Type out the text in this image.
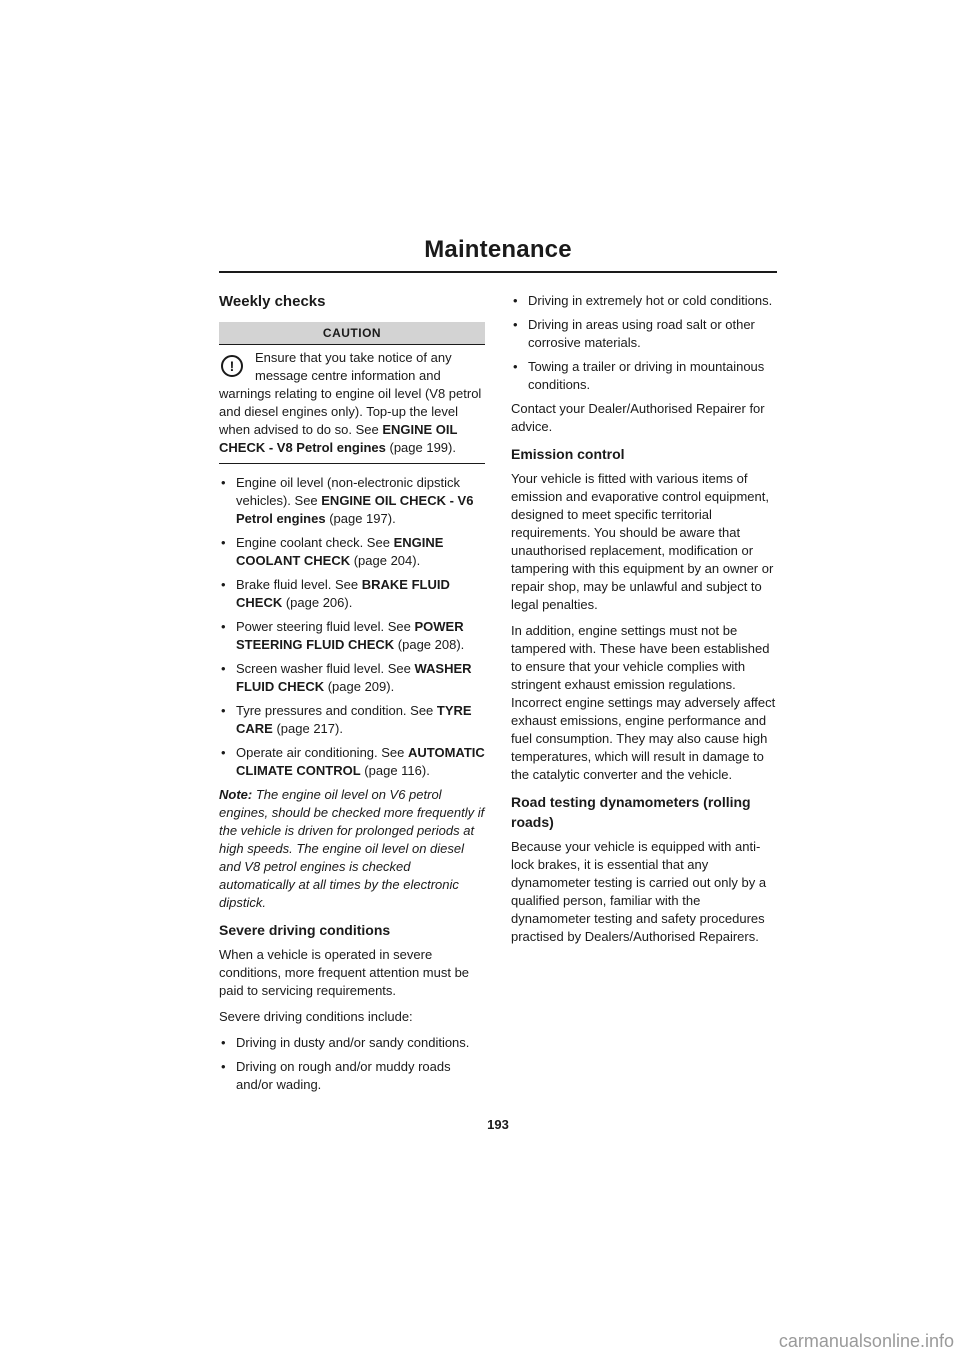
Maintenance
Weekly checks
CAUTION
!
Ensure that you take notice of any message centre information and warnings relating to engine oil level (V8 petrol and diesel engines only). Top-up the level when advised to do so. See ENGINE OIL CHECK - V8 Petrol engines (page 199).
• Engine oil level (non-electronic dipstick vehicles). See ENGINE OIL CHECK - V6 Petrol engines (page 197).
• Engine coolant check. See ENGINE COOLANT CHECK (page 204).
• Brake fluid level. See BRAKE FLUID CHECK (page 206).
• Power steering fluid level. See POWER STEERING FLUID CHECK (page 208).
• Screen washer fluid level. See WASHER FLUID CHECK (page 209).
• Tyre pressures and condition. See TYRE CARE (page 217).
• Operate air conditioning. See AUTOMATIC CLIMATE CONTROL (page 116).

Note: The engine oil level on V6 petrol engines, should be checked more frequently if the vehicle is driven for prolonged periods at high speeds. The engine oil level on diesel and V8 petrol engines is checked automatically at all times by the electronic dipstick.

Severe driving conditions

When a vehicle is operated in severe conditions, more frequent attention must be paid to servicing requirements.

Severe driving conditions include:

• Driving in dusty and/or sandy conditions.
• Driving on rough and/or muddy roads and/or wading.
• Driving in extremely hot or cold conditions.
• Driving in areas using road salt or other corrosive materials.
• Towing a trailer or driving in mountainous conditions.

Contact your Dealer/Authorised Repairer for advice.

Emission control

Your vehicle is fitted with various items of emission and evaporative control equipment, designed to meet specific territorial requirements. You should be aware that unauthorised replacement, modification or tampering with this equipment by an owner or repair shop, may be unlawful and subject to legal penalties.

In addition, engine settings must not be tampered with. These have been established to ensure that your vehicle complies with stringent exhaust emission regulations. Incorrect engine settings may adversely affect exhaust emissions, engine performance and fuel consumption. They may also cause high temperatures, which will result in damage to the catalytic converter and the vehicle.

Road testing dynamometers (rolling roads)

Because your vehicle is equipped with anti-lock brakes, it is essential that any dynamometer testing is carried out only by a qualified person, familiar with the dynamometer testing and safety procedures practised by Dealers/Authorised Repairers.

193
carmanualsonline.info
